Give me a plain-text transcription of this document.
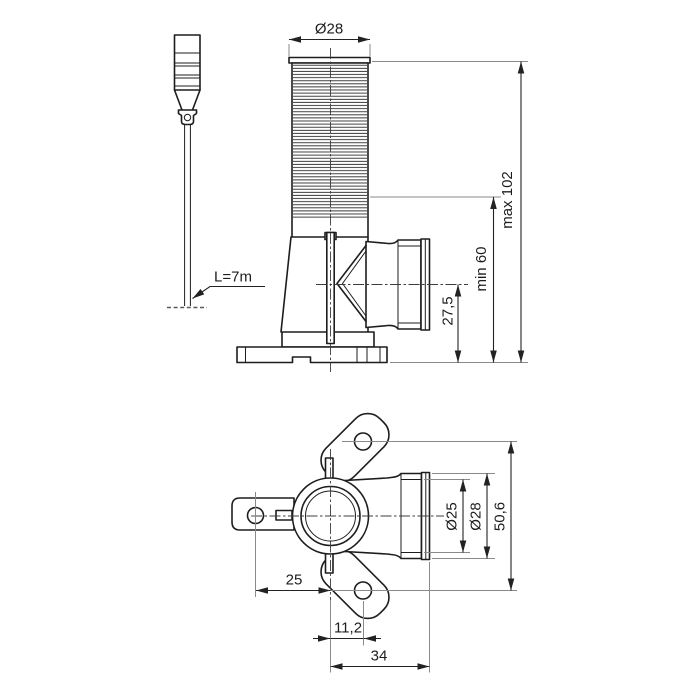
L=7m
Ø28
max 102
min 60
27,5
Ø25 Ø28 50,6
25
11,2
34
